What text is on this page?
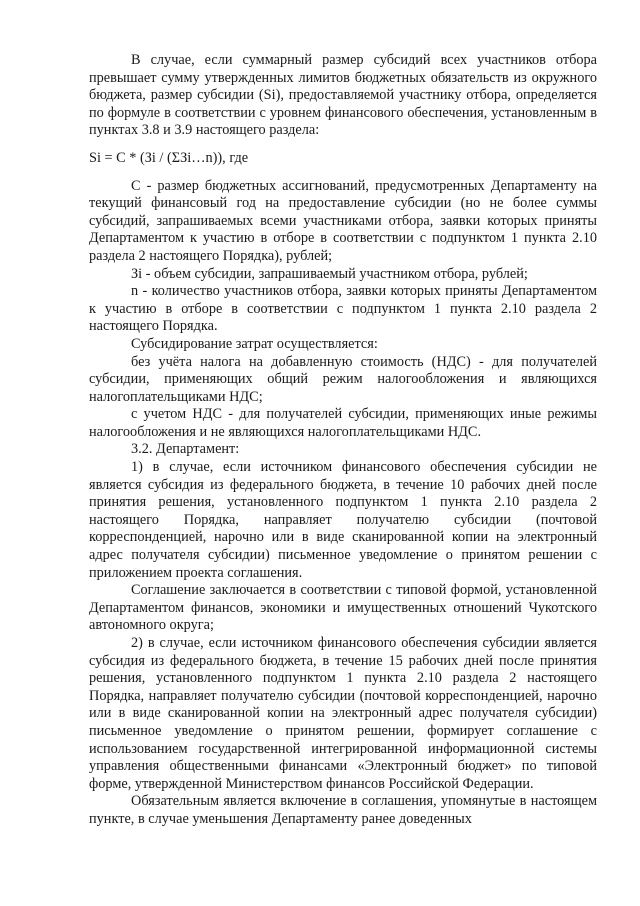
В случае, если суммарный размер субсидий всех участников отбора превышает сумму утвержденных лимитов бюджетных обязательств из окружного бюджета, размер субсидии (Si), предоставляемой участнику отбора, определяется по формуле в соответствии с уровнем финансового обеспечения, установленным в пунктах 3.8 и 3.9 настоящего раздела:

Si = C * (Зi / (ΣЗi…n)), где

С - размер бюджетных ассигнований, предусмотренных Департаменту на текущий финансовый год на предоставление субсидии (но не более суммы субсидий, запрашиваемых всеми участниками отбора, заявки которых приняты Департаментом к участию в отборе в соответствии с подпунктом 1 пункта 2.10 раздела 2 настоящего Порядка), рублей;

Зi - объем субсидии, запрашиваемый участником отбора, рублей;

n - количество участников отбора, заявки которых приняты Департаментом к участию в отборе в соответствии с подпунктом 1 пункта 2.10 раздела 2 настоящего Порядка.

Субсидирование затрат осуществляется:

без учёта налога на добавленную стоимость (НДС) - для получателей субсидии, применяющих общий режим налогообложения и являющихся налогоплательщиками НДС;

с учетом НДС - для получателей субсидии, применяющих иные режимы налогообложения и не являющихся налогоплательщиками НДС.

3.2. Департамент:

1) в случае, если источником финансового обеспечения субсидии не является субсидия из федерального бюджета, в течение 10 рабочих дней после принятия решения, установленного подпунктом 1 пункта 2.10 раздела 2 настоящего Порядка, направляет получателю субсидии (почтовой корреспонденцией, нарочно или в виде сканированной копии на электронный адрес получателя субсидии) письменное уведомление о принятом решении с приложением проекта соглашения.

Соглашение заключается в соответствии с типовой формой, установленной Департаментом финансов, экономики и имущественных отношений Чукотского автономного округа;

2) в случае, если источником финансового обеспечения субсидии является субсидия из федерального бюджета, в течение 15 рабочих дней после принятия решения, установленного подпунктом 1 пункта 2.10 раздела 2 настоящего Порядка, направляет получателю субсидии (почтовой корреспонденцией, нарочно или в виде сканированной копии на электронный адрес получателя субсидии) письменное уведомление о принятом решении, формирует соглашение с использованием государственной интегрированной информационной системы управления общественными финансами «Электронный бюджет» по типовой форме, утвержденной Министерством финансов Российской Федерации.

Обязательным является включение в соглашения, упомянутые в настоящем пункте, в случае уменьшения Департаменту ранее доведенных
